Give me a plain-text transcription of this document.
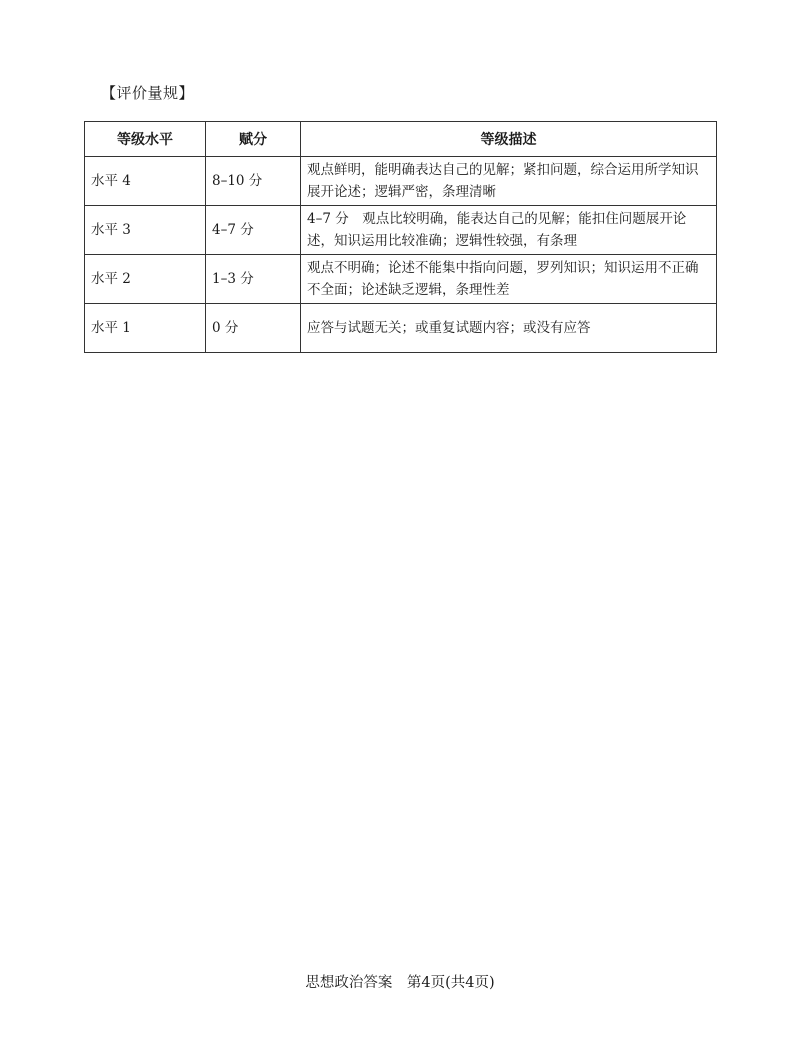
【评价量规】
等级水平	赋分	等级描述
水平 4	8–10 分	观点鲜明，能明确表达自己的见解；紧扣问题，综合运用所学知识展开论述；逻辑严密，条理清晰
水平 3	4–7 分	4–7 分　观点比较明确，能表达自己的见解；能扣住问题展开论述，知识运用比较准确；逻辑性较强，有条理
水平 2	1–3 分	观点不明确；论述不能集中指向问题，罗列知识；知识运用不正确不全面；论述缺乏逻辑，条理性差
水平 1	0 分	应答与试题无关；或重复试题内容；或没有应答
思想政治答案　第4页(共4页)
